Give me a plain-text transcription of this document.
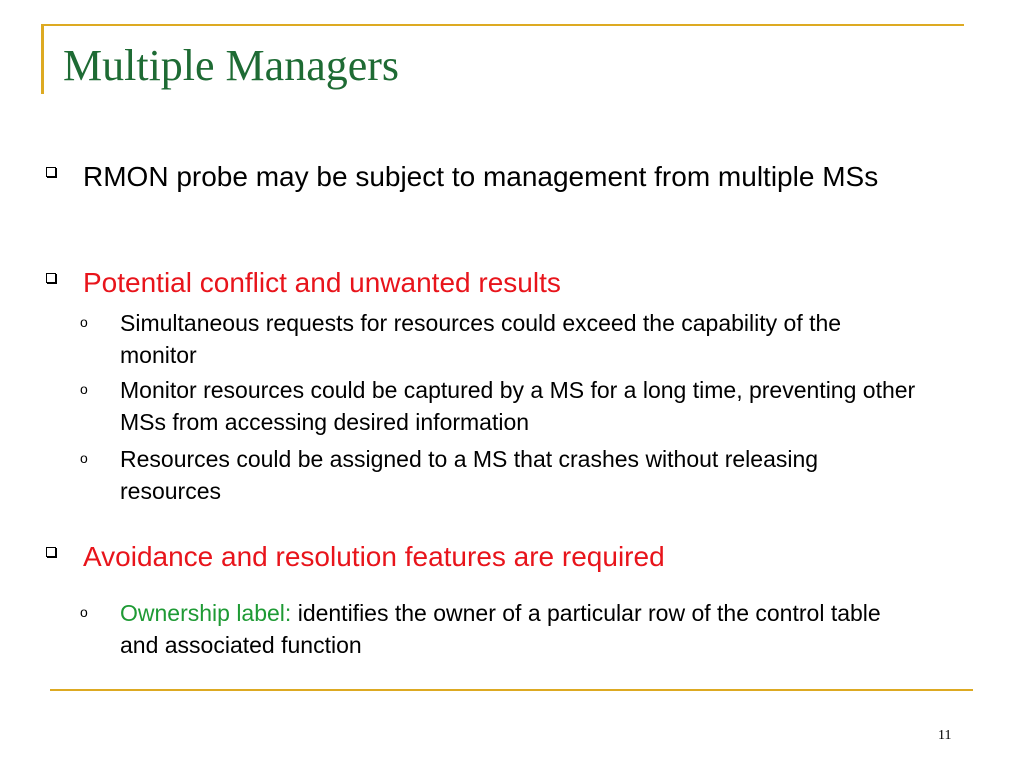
Multiple Managers
RMON probe may be subject to management from multiple MSs
Potential conflict and unwanted results
o Simultaneous requests for resources could exceed the capability of the monitor
o Monitor resources could be captured by a MS for a long time, preventing other MSs from accessing desired information
o Resources could be assigned to a MS that crashes without releasing resources
Avoidance and resolution features are required
o Ownership label: identifies the owner of a particular row of the control table and associated function
11
